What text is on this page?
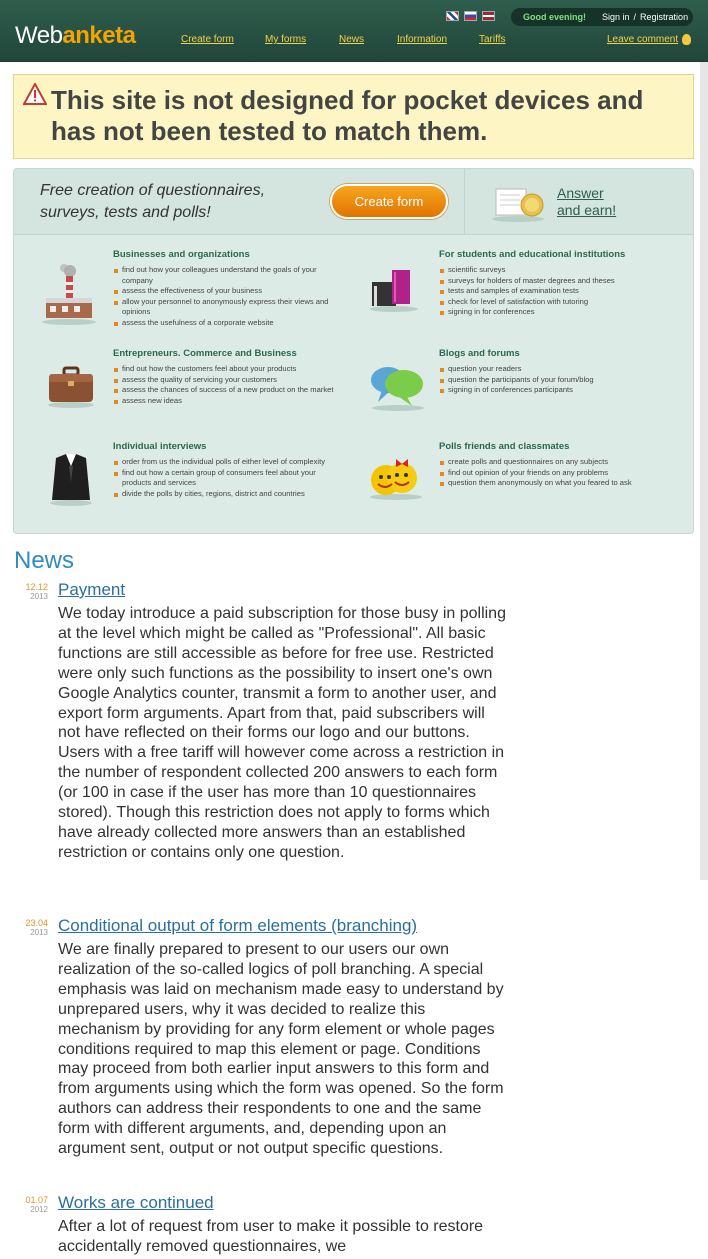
Webanketa	Create form	My forms	News	Information	Tariffs
Good evening! Sign in / Registration
Leave comment
This site is not designed for pocket devices and has not been tested to match them.
Free creation of questionnaires, surveys, tests and polls!
Create form
Answer
and earn!
Businesses and organizations
find out how your colleagues understand the goals of your company
assess the effectiveness of your business
allow your personnel to anonymously express their views and opinions
assess the usefulness of a corporate website
For students and educational institutions
scientific surveys
surveys for holders of master degrees and theses
tests and samples of examination tests
check for level of satisfaction with tutoring
signing in for conferences
Entrepreneurs. Commerce and Business
find out how the customers feel about your products
assess the quality of servicing your customers
assess the chances of success of a new product on the market
assess new ideas
Blogs and forums
question your readers
question the participants of your forum/blog
signing in of conferences participants
Individual interviews
order from us the individual polls of either level of complexity
find out how a certain group of consumers feel about your products and services
divide the polls by cities, regions, district and countries
Polls friends and classmates
create polls and questionnaires on any subjects
find out opinion of your friends on any problems
question them anonymously on what you feared to ask
News
12.12
2013 Payment
We today introduce a paid subscription for those busy in polling at the level which might be called as "Professional". All basic functions are still accessible as before for free use. Restricted were only such functions as the possibility to insert one's own Google Analytics counter, transmit a form to another user, and export form arguments. Apart from that, paid subscribers will not have reflected on their forms our logo and our buttons. Users with a free tariff will however come across a restriction in the number of respondent collected 200 answers to each form (or 100 in case if the user has more than 10 questionnaires stored). Though this restriction does not apply to forms which have already collected more answers than an established restriction or contains only one question.
23.04
2013 Conditional output of form elements (branching)
We are finally prepared to present to our users our own realization of the so-called logics of poll branching. A special emphasis was laid on mechanism made easy to understand by unprepared users, why it was decided to realize this mechanism by providing for any form element or whole pages conditions required to map this element or page. Conditions may proceed from both earlier input answers to this form and from arguments using which the form was opened. So the form authors can address their respondents to one and the same form with different arguments, and, depending upon an argument sent, output or not output specific questions.
01.07
2012 Works are continued
After a lot of request from user to make it possible to restore accidentally removed questionnaires, we
